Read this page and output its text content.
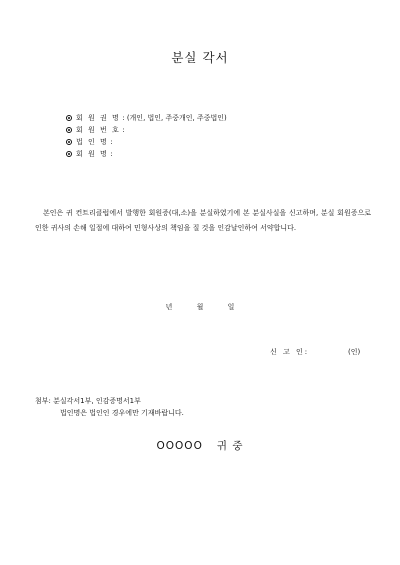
분실 각서
회 원 권 명 : (개인, 법인, 주중개인, 주중법인)
회 원 번 호 :
법 인 명 :
회 원 명 :
본인은 귀 컨트리클럽에서 발행한 회원증(대,소)을 분실하였기에 본 분실사실을 신고하며, 분실 회원증으로 인한 귀사의 손해 일절에 대하여 민형사상의 책임을 질 것을 인감날인하여 서약합니다.
년 월 일
신 고 인:	(인)
첨부: 분실각서1부, 인감증명서1부
법인명은 법인인 경우에만 기재바랍니다.
OOOOO 귀 중
